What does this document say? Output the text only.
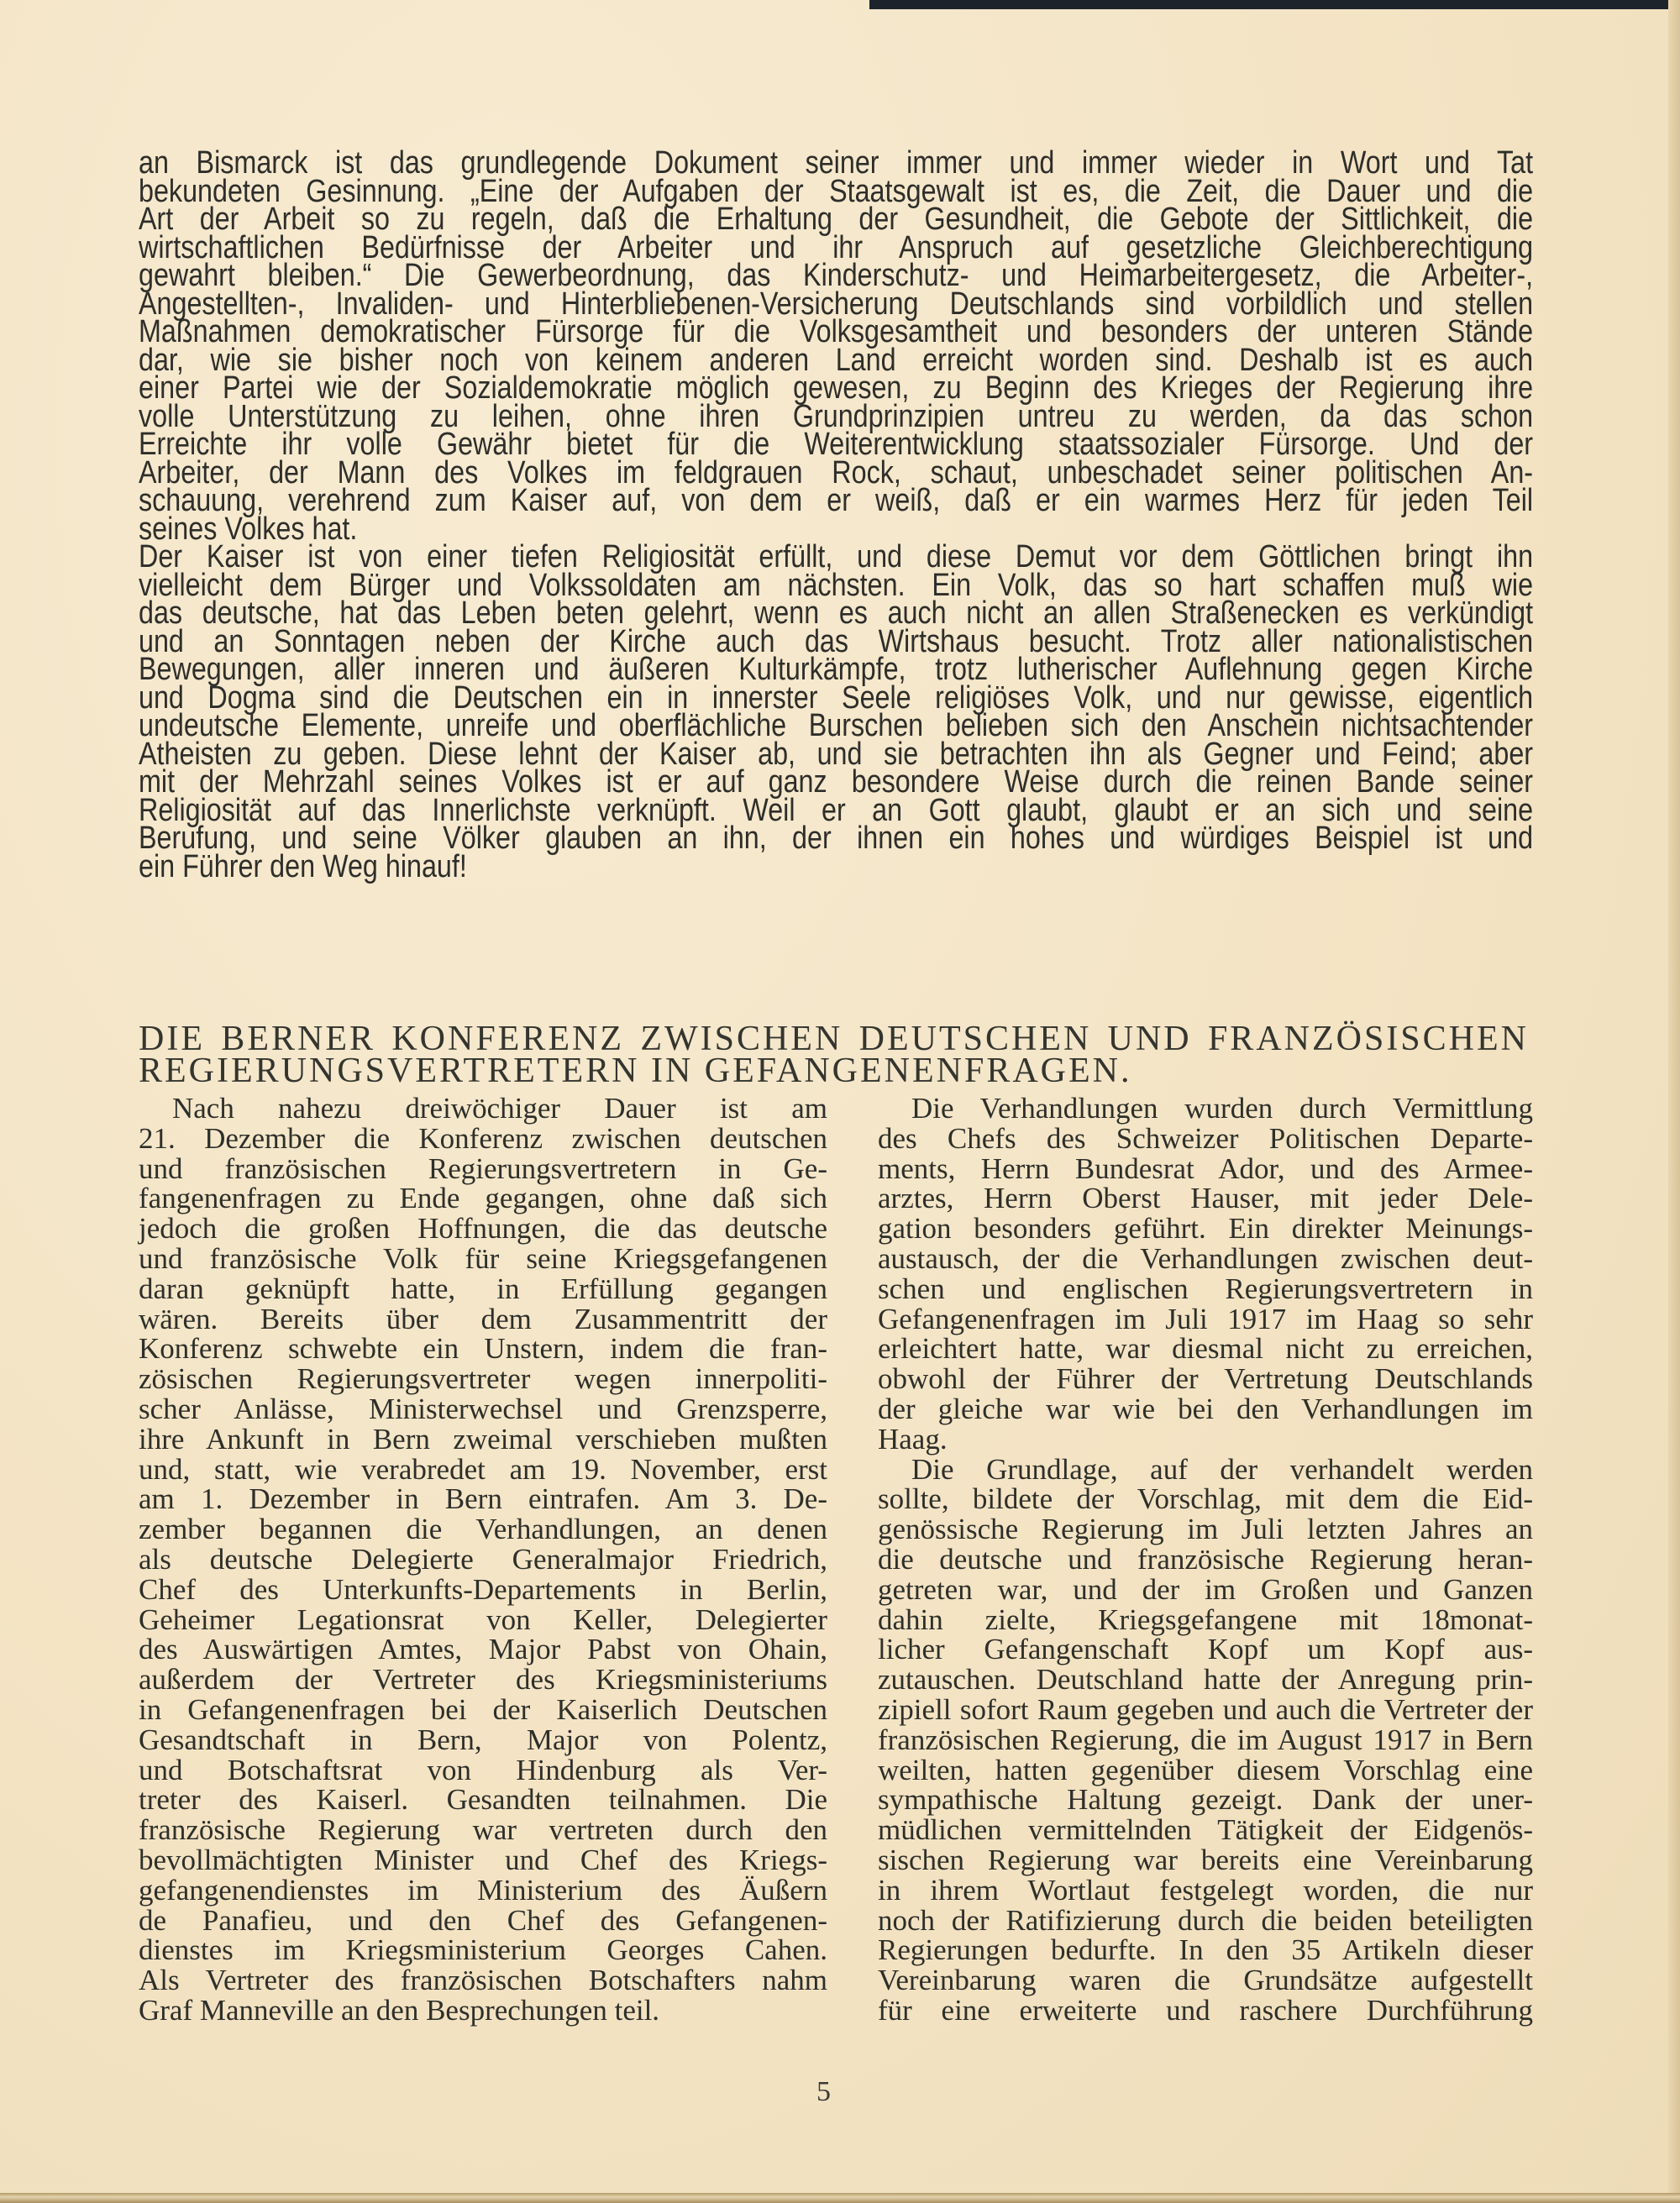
an Bismarck ist das grundlegende Dokument seiner immer und immer wieder in Wort und Tat
bekundeten Gesinnung. „Eine der Aufgaben der Staatsgewalt ist es, die Zeit, die Dauer und die
Art der Arbeit so zu regeln, daß die Erhaltung der Gesundheit, die Gebote der Sittlichkeit, die
wirtschaftlichen Bedürfnisse der Arbeiter und ihr Anspruch auf gesetzliche Gleichberechtigung
gewahrt bleiben.“ Die Gewerbeordnung, das Kinderschutz- und Heimarbeitergesetz, die Arbeiter-,
Angestellten-, Invaliden- und Hinterbliebenen-Versicherung Deutschlands sind vorbildlich und stellen
Maßnahmen demokratischer Fürsorge für die Volksgesamtheit und besonders der unteren Stände
dar, wie sie bisher noch von keinem anderen Land erreicht worden sind. Deshalb ist es auch
einer Partei wie der Sozialdemokratie möglich gewesen, zu Beginn des Krieges der Regierung ihre
volle Unterstützung zu leihen, ohne ihren Grundprinzipien untreu zu werden, da das schon
Erreichte ihr volle Gewähr bietet für die Weiterentwicklung staatssozialer Fürsorge. Und der
Arbeiter, der Mann des Volkes im feldgrauen Rock, schaut, unbeschadet seiner politischen An-
schauung, verehrend zum Kaiser auf, von dem er weiß, daß er ein warmes Herz für jeden Teil
seines Volkes hat.
Der Kaiser ist von einer tiefen Religiosität erfüllt, und diese Demut vor dem Göttlichen bringt ihn
vielleicht dem Bürger und Volkssoldaten am nächsten. Ein Volk, das so hart schaffen muß wie
das deutsche, hat das Leben beten gelehrt, wenn es auch nicht an allen Straßenecken es verkündigt
und an Sonntagen neben der Kirche auch das Wirtshaus besucht. Trotz aller nationalistischen
Bewegungen, aller inneren und äußeren Kulturkämpfe, trotz lutherischer Auflehnung gegen Kirche
und Dogma sind die Deutschen ein in innerster Seele religiöses Volk, und nur gewisse, eigentlich
undeutsche Elemente, unreife und oberflächliche Burschen belieben sich den Anschein nichtsachtender
Atheisten zu geben. Diese lehnt der Kaiser ab, und sie betrachten ihn als Gegner und Feind; aber
mit der Mehrzahl seines Volkes ist er auf ganz besondere Weise durch die reinen Bande seiner
Religiosität auf das Innerlichste verknüpft. Weil er an Gott glaubt, glaubt er an sich und seine
Berufung, und seine Völker glauben an ihn, der ihnen ein hohes und würdiges Beispiel ist und
ein Führer den Weg hinauf!
DIE BERNER KONFERENZ ZWISCHEN DEUTSCHEN UND FRANZÖSISCHEN
REGIERUNGSVERTRETERN IN GEFANGENENFRAGEN.
Nach nahezu dreiwöchiger Dauer ist am
21. Dezember die Konferenz zwischen deutschen
und französischen Regierungsvertretern in Ge-
fangenenfragen zu Ende gegangen, ohne daß sich
jedoch die großen Hoffnungen, die das deutsche
und französische Volk für seine Kriegsgefangenen
daran geknüpft hatte, in Erfüllung gegangen
wären. Bereits über dem Zusammentritt der
Konferenz schwebte ein Unstern, indem die fran-
zösischen Regierungsvertreter wegen innerpoliti-
scher Anlässe, Ministerwechsel und Grenzsperre,
ihre Ankunft in Bern zweimal verschieben mußten
und, statt, wie verabredet am 19. November, erst
am 1. Dezember in Bern eintrafen. Am 3. De-
zember begannen die Verhandlungen, an denen
als deutsche Delegierte Generalmajor Friedrich,
Chef des Unterkunfts-Departements in Berlin,
Geheimer Legationsrat von Keller, Delegierter
des Auswärtigen Amtes, Major Pabst von Ohain,
außerdem der Vertreter des Kriegsministeriums
in Gefangenenfragen bei der Kaiserlich Deutschen
Gesandtschaft in Bern, Major von Polentz,
und Botschaftsrat von Hindenburg als Ver-
treter des Kaiserl. Gesandten teilnahmen. Die
französische Regierung war vertreten durch den
bevollmächtigten Minister und Chef des Kriegs-
gefangenendienstes im Ministerium des Äußern
de Panafieu, und den Chef des Gefangenen-
dienstes im Kriegsministerium Georges Cahen.
Als Vertreter des französischen Botschafters nahm
Graf Manneville an den Besprechungen teil.
Die Verhandlungen wurden durch Vermittlung
des Chefs des Schweizer Politischen Departe-
ments, Herrn Bundesrat Ador, und des Armee-
arztes, Herrn Oberst Hauser, mit jeder Dele-
gation besonders geführt. Ein direkter Meinungs-
austausch, der die Verhandlungen zwischen deut-
schen und englischen Regierungsvertretern in
Gefangenenfragen im Juli 1917 im Haag so sehr
erleichtert hatte, war diesmal nicht zu erreichen,
obwohl der Führer der Vertretung Deutschlands
der gleiche war wie bei den Verhandlungen im
Haag.
Die Grundlage, auf der verhandelt werden
sollte, bildete der Vorschlag, mit dem die Eid-
genössische Regierung im Juli letzten Jahres an
die deutsche und französische Regierung heran-
getreten war, und der im Großen und Ganzen
dahin zielte, Kriegsgefangene mit 18monat-
licher Gefangenschaft Kopf um Kopf aus-
zutauschen. Deutschland hatte der Anregung prin-
zipiell sofort Raum gegeben und auch die Vertreter der
französischen Regierung, die im August 1917 in Bern
weilten, hatten gegenüber diesem Vorschlag eine
sympathische Haltung gezeigt. Dank der uner-
müdlichen vermittelnden Tätigkeit der Eidgenös-
sischen Regierung war bereits eine Vereinbarung
in ihrem Wortlaut festgelegt worden, die nur
noch der Ratifizierung durch die beiden beteiligten
Regierungen bedurfte. In den 35 Artikeln dieser
Vereinbarung waren die Grundsätze aufgestellt
für eine erweiterte und raschere Durchführung
5
